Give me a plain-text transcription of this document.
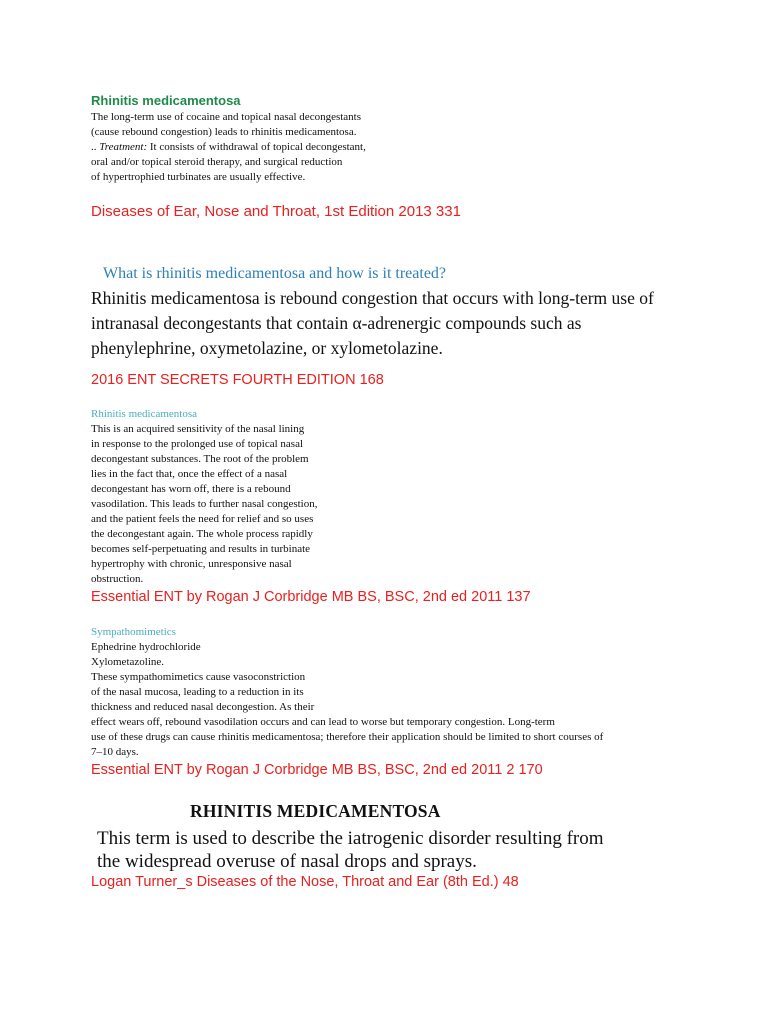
Rhinitis medicamentosa
The long-term use of cocaine and topical nasal decongestants
(cause rebound congestion) leads to rhinitis medicamentosa.
.. Treatment: It consists of withdrawal of topical decongestant,
oral and/or topical steroid therapy, and surgical reduction
of hypertrophied turbinates are usually effective.
Diseases of Ear, Nose and Throat, 1st Edition 2013 331
What is rhinitis medicamentosa and how is it treated?
Rhinitis medicamentosa is rebound congestion that occurs with long-term use of
intranasal decongestants that contain α-adrenergic compounds such as
phenylephrine, oxymetolazine, or xylometolazine.
2016 ENT SECRETS FOURTH EDITION 168
Rhinitis medicamentosa
This is an acquired sensitivity of the nasal lining
in response to the prolonged use of topical nasal
decongestant substances. The root of the problem
lies in the fact that, once the effect of a nasal
decongestant has worn off, there is a rebound
vasodilation. This leads to further nasal congestion,
and the patient feels the need for relief and so uses
the decongestant again. The whole process rapidly
becomes self-perpetuating and results in turbinate
hypertrophy with chronic, unresponsive nasal
obstruction.
Essential ENT by Rogan J Corbridge MB BS, BSC, 2nd ed 2011 137
Sympathomimetics
Ephedrine hydrochloride
Xylometazoline.
These sympathomimetics cause vasoconstriction
of the nasal mucosa, leading to a reduction in its
thickness and reduced nasal decongestion. As their
effect wears off, rebound vasodilation occurs and can lead to worse but temporary congestion. Long-term
use of these drugs can cause rhinitis medicamentosa; therefore their application should be limited to short courses of
7–10 days.
Essential ENT by Rogan J Corbridge MB BS, BSC, 2nd ed 2011 2 170
RHINITIS MEDICAMENTOSA
This term is used to describe the iatrogenic disorder resulting from
the widespread overuse of nasal drops and sprays.
Logan Turner_s Diseases of the Nose, Throat and Ear (8th Ed.) 48
